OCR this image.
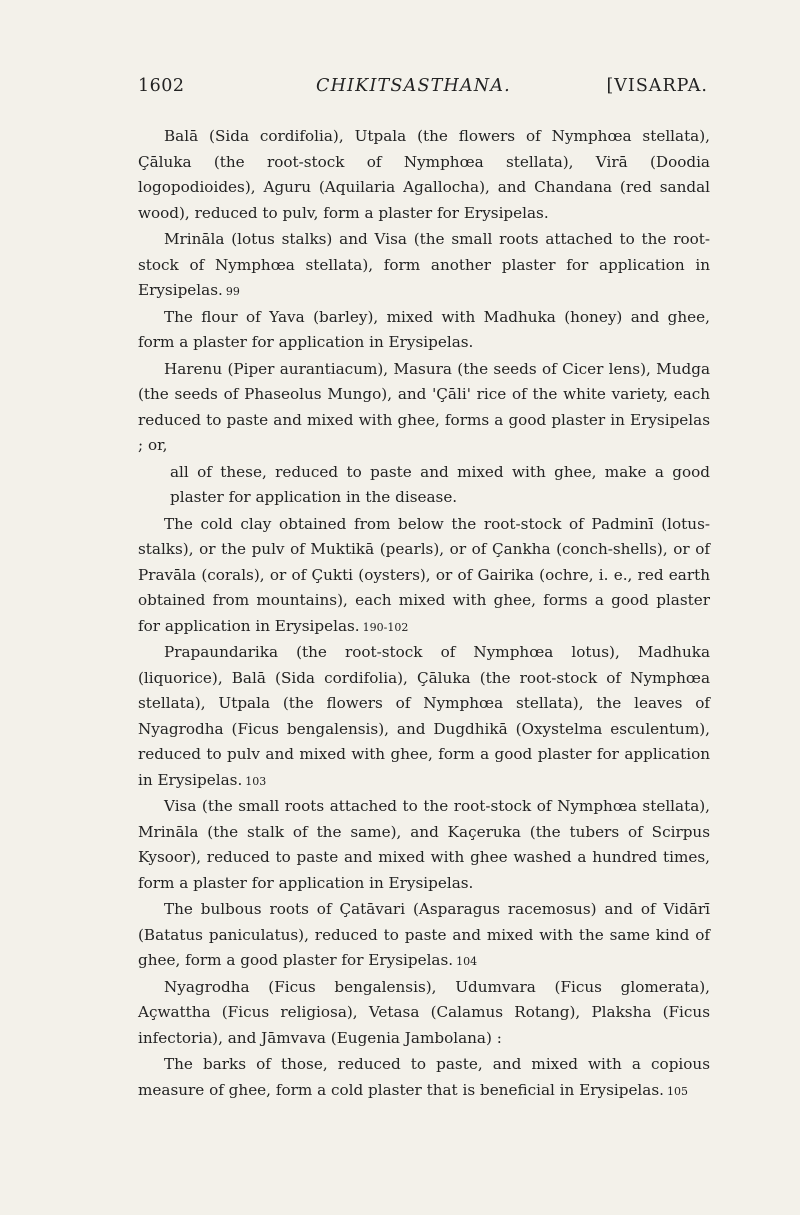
1602	CHIKITSASTHANA.	[VISARPA.

Balā (Sida cordifolia), Utpala (the flowers of Nymphœa stellata), Çāluka (the root-stock of Nymphœa stellata), Virā (Doodia logopodioides), Aguru (Aquilaria Agallocha), and Chandana (red sandal wood), reduced to pulv, form a plaster for Erysipelas.

Mrināla (lotus stalks) and Visa (the small roots attached to the root-stock of Nymphœa stellata), form another plaster for application in Erysipelas. 99

The flour of Yava (barley), mixed with Madhuka (honey) and ghee, form a plaster for application in Erysipelas.

Harenu (Piper aurantiacum), Masura (the seeds of Cicer lens), Mudga (the seeds of Phaseolus Mungo), and 'Çāli' rice of the white variety, each reduced to paste and mixed with ghee, forms a good plaster in Erysipelas ; or,

all of these, reduced to paste and mixed with ghee, make a good plaster for application in the disease.

The cold clay obtained from below the root-stock of Padminī (lotus-stalks), or the pulv of Muktikā (pearls), or of Çankha (conch-shells), or of Pravāla (corals), or of Çukti (oysters), or of Gairika (ochre, i. e., red earth obtained from mountains), each mixed with ghee, forms a good plaster for application in Erysipelas. 190-102

Prapaundarika (the root-stock of Nymphœa lotus), Madhuka (liquorice), Balā (Sida cordifolia), Çāluka (the root-stock of Nymphœa stellata), Utpala (the flowers of Nymphœa stellata), the leaves of Nyagrodha (Ficus bengalensis), and Dugdhikā (Oxystelma esculentum), reduced to pulv and mixed with ghee, form a good plaster for application in Erysipelas. 103

Visa (the small roots attached to the root-stock of Nymphœa stellata), Mrināla (the stalk of the same), and Kaçeruka (the tubers of Scirpus Kysoor), reduced to paste and mixed with ghee washed a hundred times, form a plaster for application in Erysipelas.

The bulbous roots of Çatāvari (Asparagus racemosus) and of Vidārī (Batatus paniculatus), reduced to paste and mixed with the same kind of ghee, form a good plaster for Erysipelas. 104

Nyagrodha (Ficus bengalensis), Udumvara (Ficus glomerata), Açwattha (Ficus religiosa), Vetasa (Calamus Rotang), Plaksha (Ficus infectoria), and Jāmvava (Eugenia Jambolana) :

The barks of those, reduced to paste, and mixed with a copious measure of ghee, form a cold plaster that is beneficial in Erysipelas. 105
